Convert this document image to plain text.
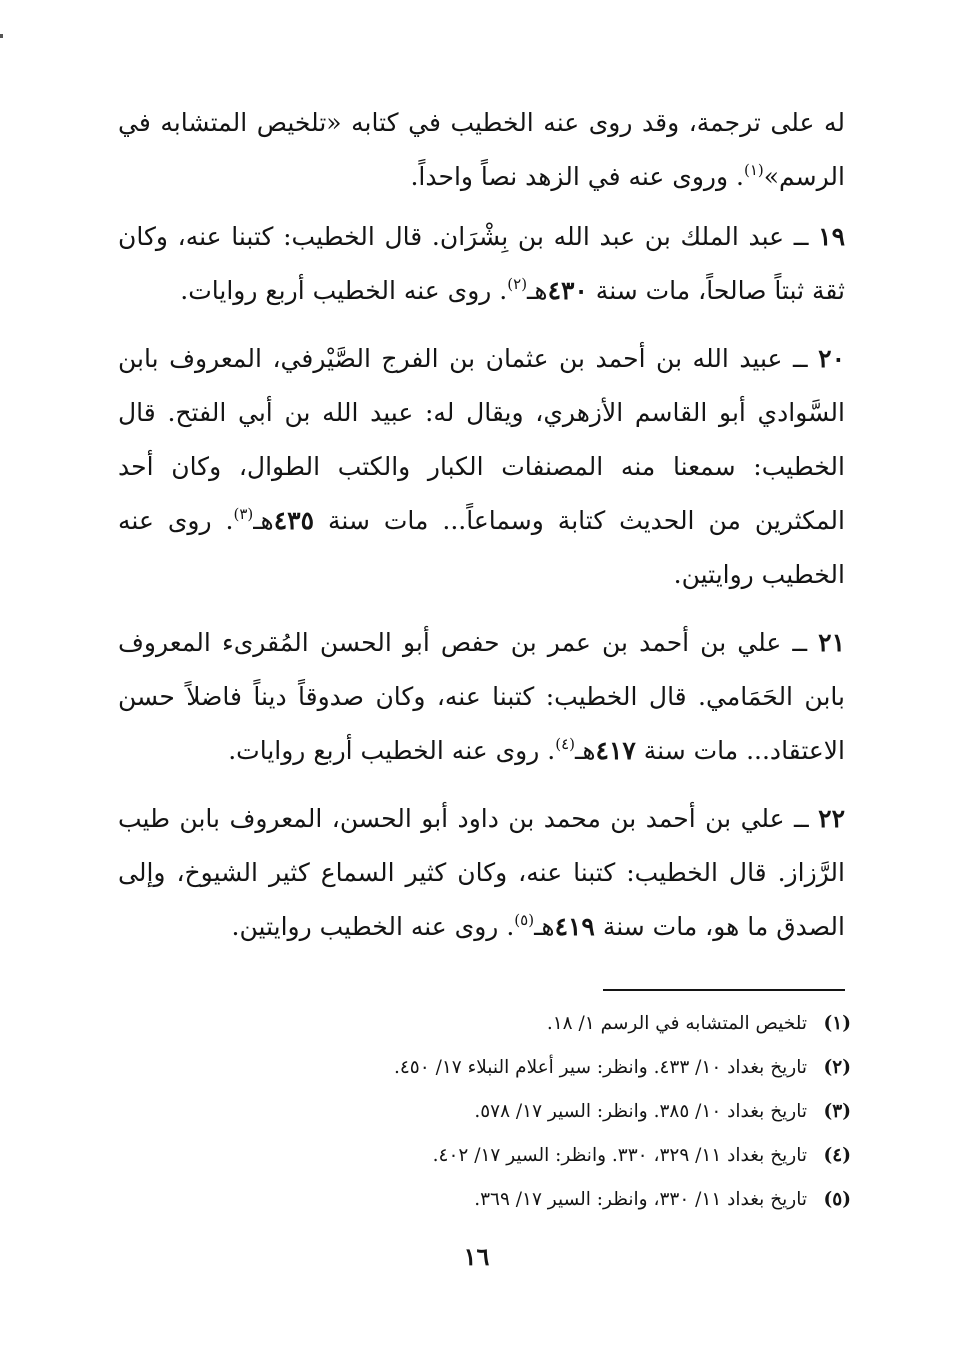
له على ترجمة، وقد روى عنه الخطيب في كتابه «تلخيص المتشابه في الرسم»$^{(١)}$. وروى عنه في الزهد نصاً واحداً.

١٩ ــ عبد الملك بن عبد الله بن بِشْرَان. قال الخطيب: كتبنا عنه، وكان ثقة ثبتاً صالحاً، مات سنة ٤٣٠هـ$^{(٢)}$. روى عنه الخطيب أربع روايات.

٢٠ ــ عبيد الله بن أحمد بن عثمان بن الفرج الصَّيْرفي، المعروف بابن السَّوادي أبو القاسم الأزهري، ويقال له: عبيد الله بن أبي الفتح. قال الخطيب: سمعنا منه المصنفات الكبار والكتب الطوال، وكان أحد المكثرين من الحديث كتابة وسماعاً... مات سنة ٤٣٥هـ$^{(٣)}$. روى عنه الخطيب روايتين.

٢١ ــ علي بن أحمد بن عمر بن حفص أبو الحسن المُقرىء المعروف بابن الحَمَامي. قال الخطيب: كتبنا عنه، وكان صدوقاً ديناً فاضلاً حسن الاعتقاد... مات سنة ٤١٧هـ$^{(٤)}$. روى عنه الخطيب أربع روايات.

٢٢ ــ علي بن أحمد بن محمد بن داود أبو الحسن، المعروف بابن طيب الرَّزاز. قال الخطيب: كتبنا عنه، وكان كثير السماع كثير الشيوخ، وإلى الصدق ما هو، مات سنة ٤١٩هـ$^{(٥)}$. روى عنه الخطيب روايتين.

(١)
تلخيص المتشابه في الرسم ١/ ١٨.

(٢)
تاريخ بغداد ١٠/ ٤٣٣. وانظر: سير أعلام النبلاء ١٧/ ٤٥٠.

(٣)
تاريخ بغداد ١٠/ ٣٨٥. وانظر: السير ١٧/ ٥٧٨.

(٤)
تاريخ بغداد ١١/ ٣٢٩، ٣٣٠. وانظر: السير ١٧/ ٤٠٢.

(٥)
تاريخ بغداد ١١/ ٣٣٠، وانظر: السير ١٧/ ٣٦٩.

١٦
